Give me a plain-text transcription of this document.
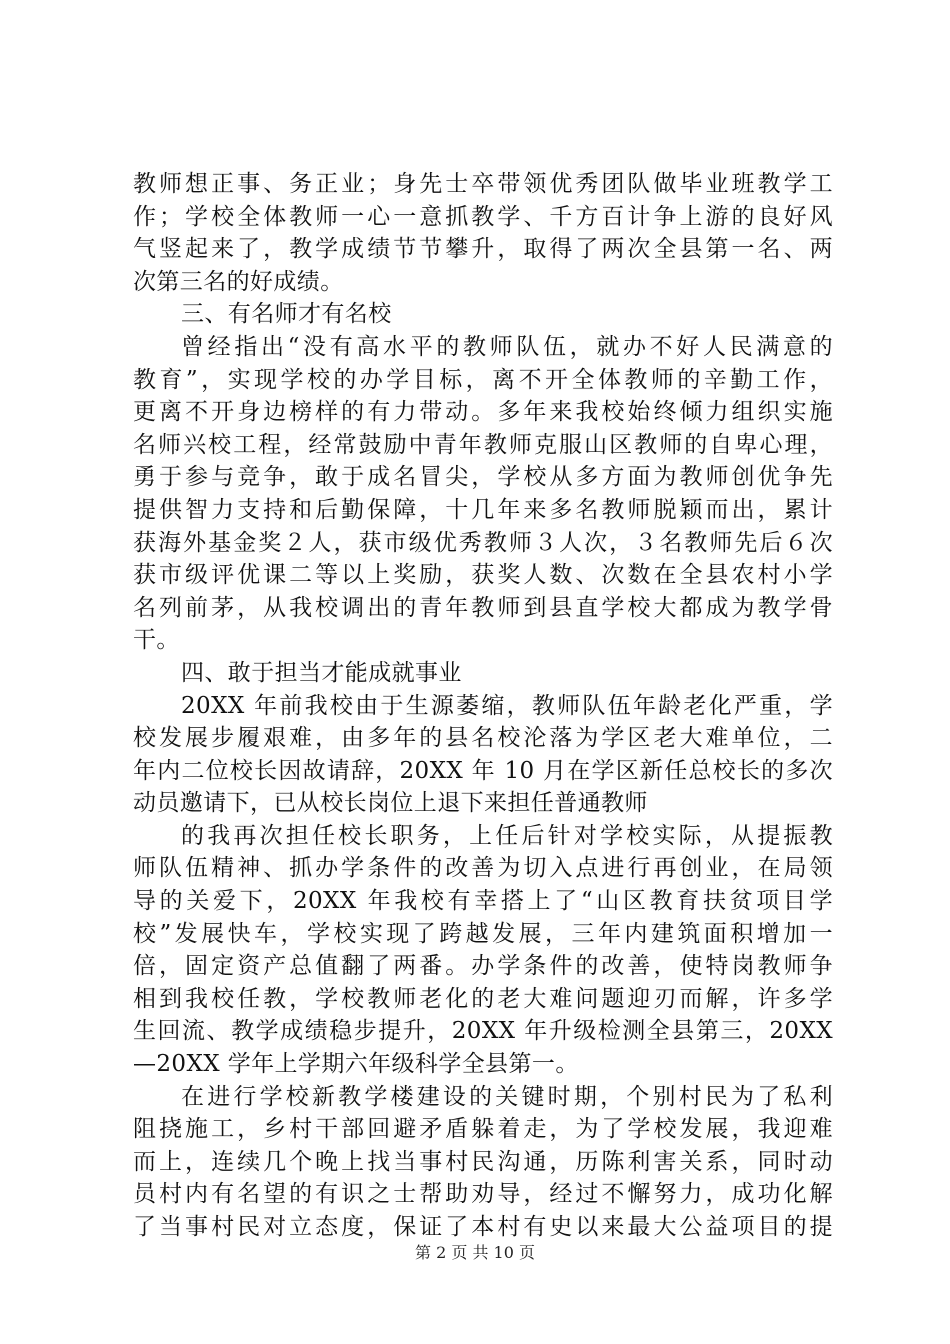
教师想正事、务正业；身先士卒带领优秀团队做毕业班教学工
作；学校全体教师一心一意抓教学、千方百计争上游的良好风
气竖起来了，教学成绩节节攀升，取得了两次全县第一名、两
次第三名的好成绩。
三、有名师才有名校
曾经指出“没有高水平的教师队伍，就办不好人民满意的
教育”，实现学校的办学目标，离不开全体教师的辛勤工作，
更离不开身边榜样的有力带动。多年来我校始终倾力组织实施
名师兴校工程，经常鼓励中青年教师克服山区教师的自卑心理，
勇于参与竞争，敢于成名冒尖，学校从多方面为教师创优争先
提供智力支持和后勤保障，十几年来多名教师脱颖而出，累计
获海外基金奖２人，获市级优秀教师３人次，３名教师先后６次
获市级评优课二等以上奖励，获奖人数、次数在全县农村小学
名列前茅，从我校调出的青年教师到县直学校大都成为教学骨
干。
四、敢于担当才能成就事业
20XX 年前我校由于生源萎缩，教师队伍年龄老化严重，学
校发展步履艰难，由多年的县名校沦落为学区老大难单位，二
年内二位校长因故请辞，20XX 年 10 月在学区新任总校长的多次
动员邀请下，已从校长岗位上退下来担任普通教师
的我再次担任校长职务，上任后针对学校实际，从提振教
师队伍精神、抓办学条件的改善为切入点进行再创业，在局领
导的关爱下，20XX 年我校有幸搭上了“山区教育扶贫项目学
校”发展快车，学校实现了跨越发展，三年内建筑面积增加一
倍，固定资产总值翻了两番。办学条件的改善，使特岗教师争
相到我校任教，学校教师老化的老大难问题迎刃而解，许多学
生回流、教学成绩稳步提升，20XX 年升级检测全县第三，20XX
—20XX 学年上学期六年级科学全县第一。
在进行学校新教学楼建设的关键时期，个别村民为了私利
阻挠施工，乡村干部回避矛盾躲着走，为了学校发展，我迎难
而上，连续几个晚上找当事村民沟通，历陈利害关系，同时动
员村内有名望的有识之士帮助劝导，经过不懈努力，成功化解
了当事村民对立态度，保证了本村有史以来最大公益项目的提
第 2 页 共 10 页
